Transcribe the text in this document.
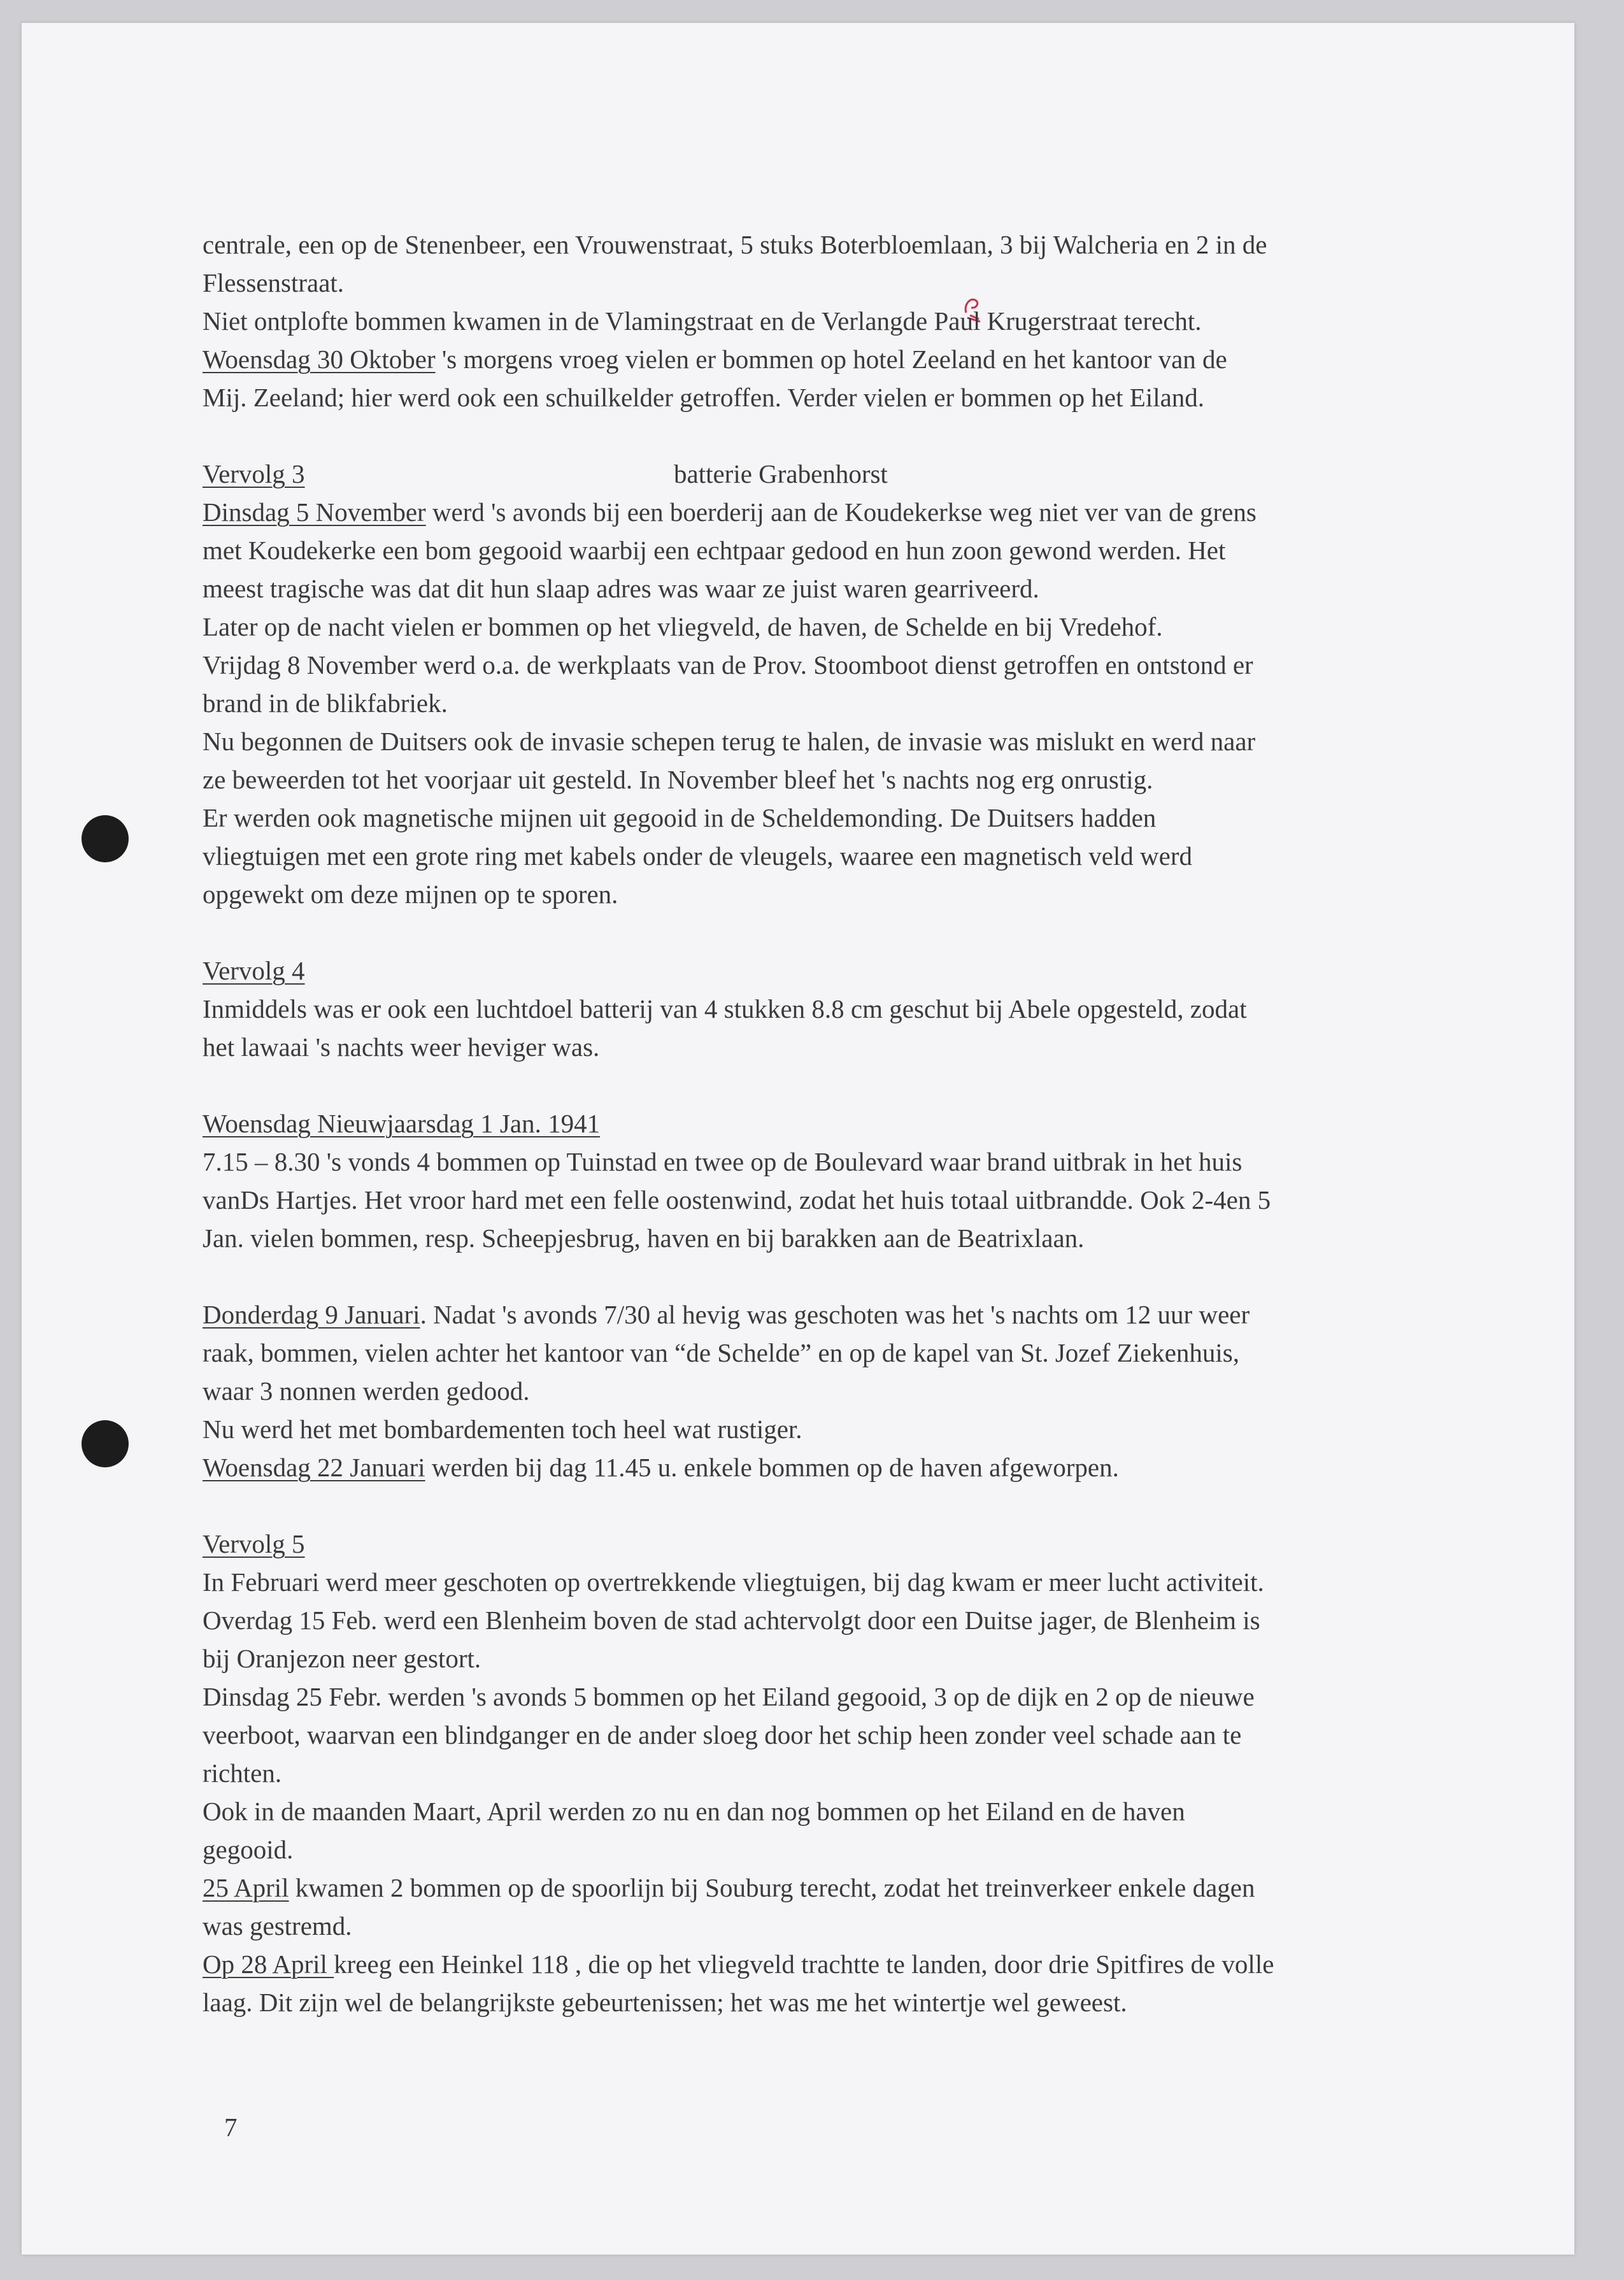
centrale, een op de Stenenbeer, een Vrouwenstraat, 5 stuks Boterbloemlaan, 3 bij Walcheria en 2 in de
Flessenstraat.

Niet ontplofte bommen kwamen in de Vlamingstraat en de Verlangde Paul Krugerstraat terecht.

Woensdag 30 Oktober 's morgens vroeg vielen er bommen op hotel Zeeland en het kantoor van de
Mij. Zeeland; hier werd ook een schuilkelder getroffen. Verder vielen er bommen op het Eiland.

Vervolg 3	batterie Grabenhorst

Dinsdag 5 November werd 's avonds bij een boerderij aan de Koudekerkse weg niet ver van de grens
met Koudekerke een bom gegooid waarbij een echtpaar gedood en hun zoon gewond werden. Het
meest tragische was dat dit hun slaap adres was waar ze juist waren gearriveerd.

Later op de nacht vielen er bommen op het vliegveld, de haven, de Schelde en bij Vredehof.

Vrijdag 8 November werd o.a. de werkplaats van de Prov. Stoomboot dienst getroffen en ontstond er
brand in de blikfabriek.

Nu begonnen de Duitsers ook de invasie schepen terug te halen, de invasie was mislukt en werd naar
ze beweerden tot het voorjaar uit gesteld. In November bleef het 's nachts nog erg onrustig.

Er werden ook magnetische mijnen uit gegooid in de Scheldemonding. De Duitsers hadden
vliegtuigen met een grote ring met kabels onder de vleugels, waaree een magnetisch veld werd
opgewekt om deze mijnen op te sporen.

Vervolg 4

Inmiddels was er ook een luchtdoel batterij van 4 stukken 8.8 cm geschut bij Abele opgesteld, zodat
het lawaai 's nachts weer heviger was.

Woensdag Nieuwjaarsdag 1 Jan. 1941

7.15 – 8.30 's vonds 4 bommen op Tuinstad en twee op de Boulevard waar brand uitbrak in het huis
vanDs Hartjes. Het vroor hard met een felle oostenwind, zodat het huis totaal uitbrandde. Ook 2-4en 5
Jan. vielen bommen, resp. Scheepjesbrug, haven en bij barakken aan de Beatrixlaan.

Donderdag 9 Januari. Nadat 's avonds 7/30 al hevig was geschoten was het 's nachts om 12 uur weer
raak, bommen, vielen achter het kantoor van “de Schelde” en op de kapel van St. Jozef Ziekenhuis,
waar 3 nonnen werden gedood.

Nu werd het met bombardementen toch heel wat rustiger.

Woensdag 22 Januari werden bij dag 11.45 u. enkele bommen op de haven afgeworpen.

Vervolg 5

In Februari werd meer geschoten op overtrekkende vliegtuigen, bij dag kwam er meer lucht activiteit.

Overdag 15 Feb. werd een Blenheim boven de stad achtervolgt door een Duitse jager, de Blenheim is
bij Oranjezon neer gestort.

Dinsdag 25 Febr. werden 's avonds 5 bommen op het Eiland gegooid, 3 op de dijk en 2 op de nieuwe
veerboot, waarvan een blindganger en de ander sloeg door het schip heen zonder veel schade aan te
richten.

Ook in de maanden Maart, April werden zo nu en dan nog bommen op het Eiland en de haven
gegooid.

25 April kwamen 2 bommen op de spoorlijn bij Souburg terecht, zodat het treinverkeer enkele dagen
was gestremd.

Op 28 April kreeg een Heinkel 118 , die op het vliegveld trachtte te landen, door drie Spitfires de volle
laag. Dit zijn wel de belangrijkste gebeurtenissen; het was me het wintertje wel geweest.

7
